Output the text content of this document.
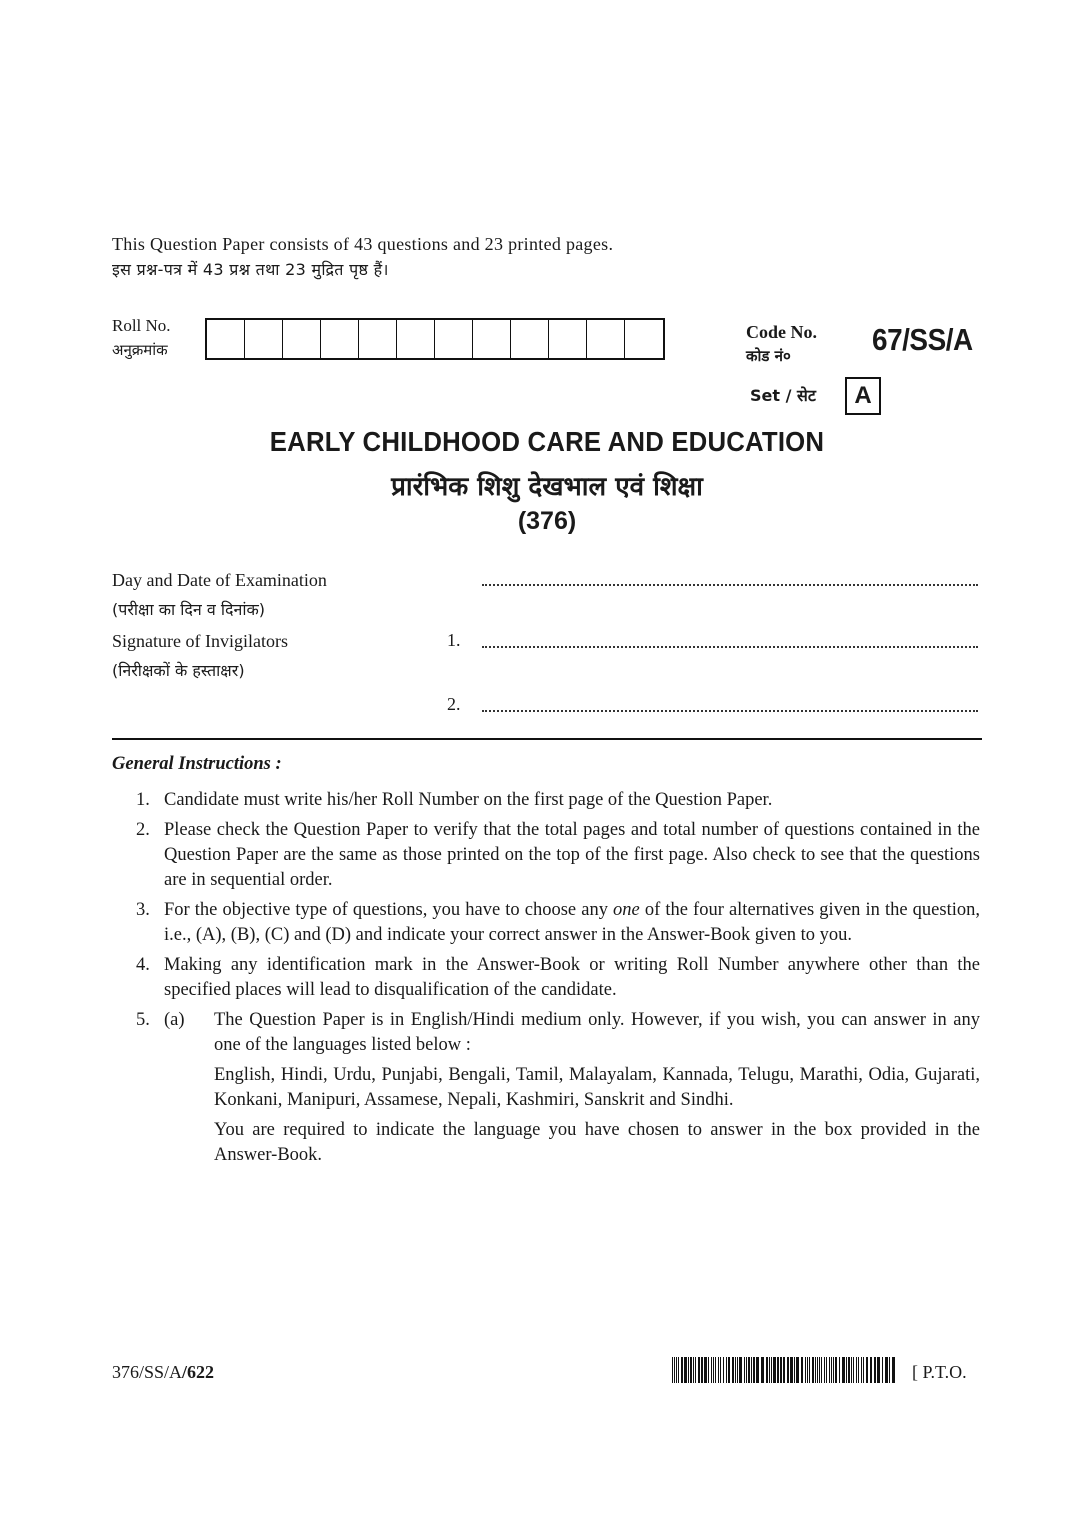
This Question Paper consists of 43 questions and 23 printed pages.
इस प्रश्न-पत्र में 43 प्रश्न तथा 23 मुद्रित पृष्ठ हैं।
Roll No.
अनुक्रमांक
Code No.
कोड नं०	67/SS/A
Set / सेट	A
EARLY CHILDHOOD CARE AND EDUCATION
प्रारंभिक शिशु देखभाल एवं शिक्षा
(376)
Day and Date of Examination
(परीक्षा का दिन व दिनांक)
Signature of Invigilators
(निरीक्षकों के हस्ताक्षर)
1.
2.
General Instructions :
1. Candidate must write his/her Roll Number on the first page of the Question Paper.
2. Please check the Question Paper to verify that the total pages and total number of questions contained in the Question Paper are the same as those printed on the top of the first page. Also check to see that the questions are in sequential order.
3. For the objective type of questions, you have to choose any one of the four alternatives given in the question, i.e., (A), (B), (C) and (D) and indicate your correct answer in the Answer-Book given to you.
4. Making any identification mark in the Answer-Book or writing Roll Number anywhere other than the specified places will lead to disqualification of the candidate.
5. (a)	The Question Paper is in English/Hindi medium only. However, if you wish, you can answer in any one of the languages listed below :
English, Hindi, Urdu, Punjabi, Bengali, Tamil, Malayalam, Kannada, Telugu, Marathi, Odia, Gujarati, Konkani, Manipuri, Assamese, Nepali, Kashmiri, Sanskrit and Sindhi.
You are required to indicate the language you have chosen to answer in the box provided in the Answer-Book.
376/SS/A/622	[ P.T.O.
